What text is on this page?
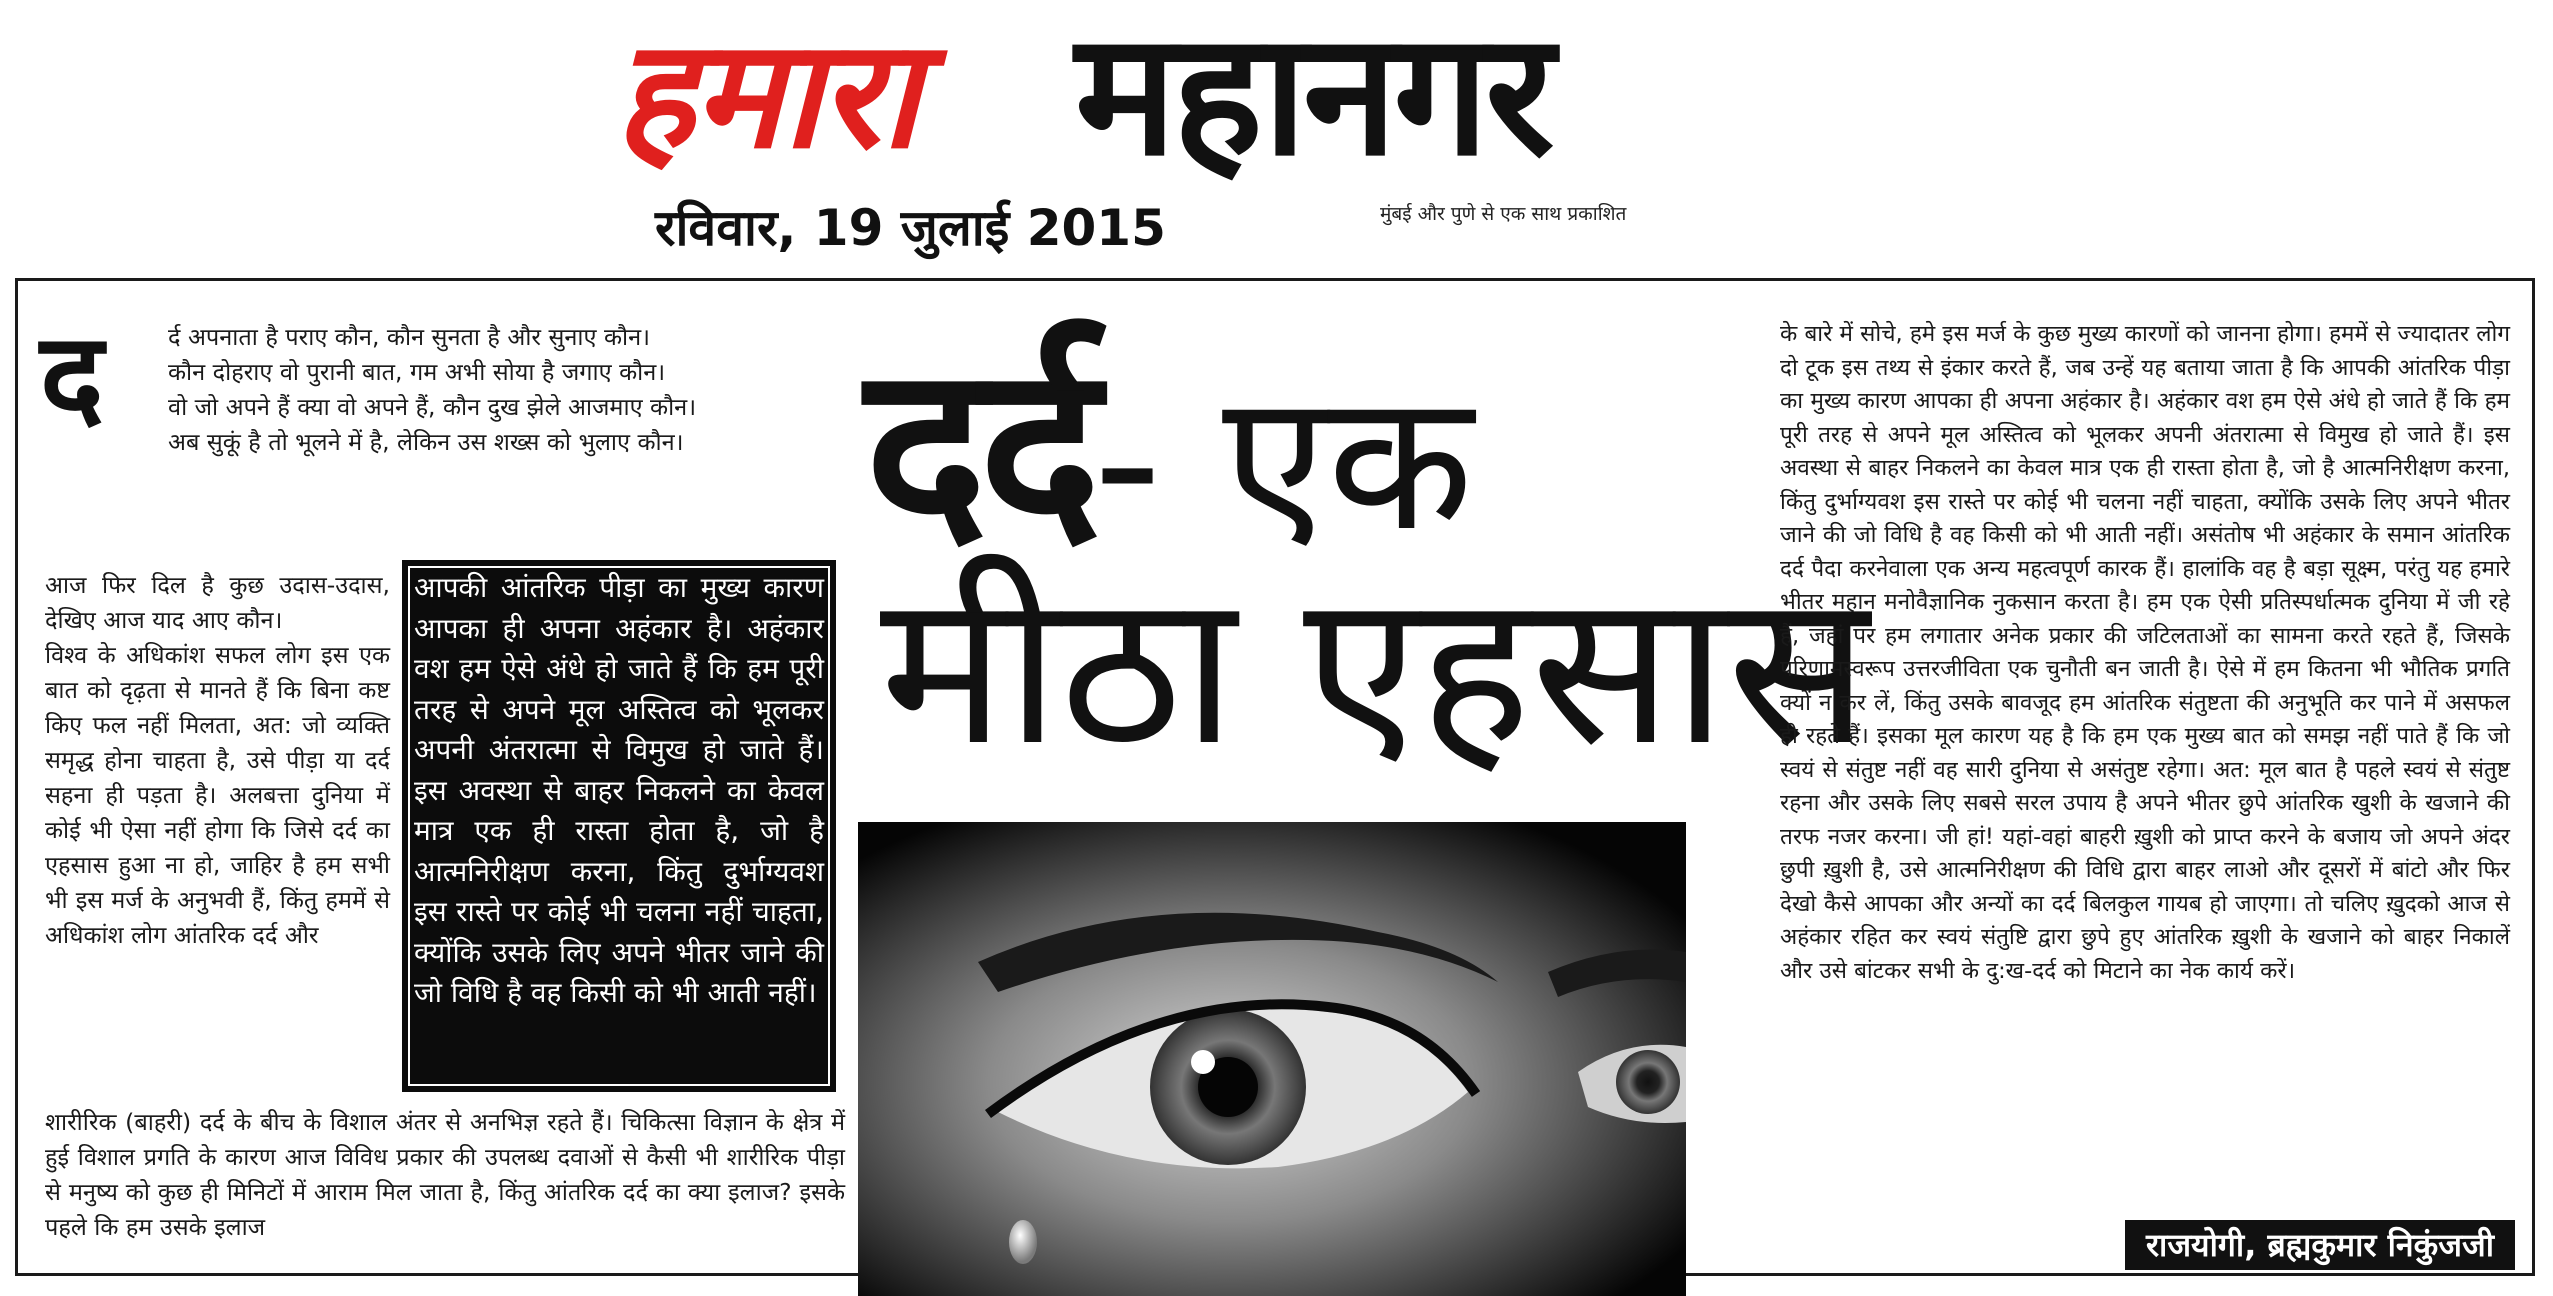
हमारा महानगर
रविवार, 19 जुलाई 2015	मुंबई और पुणे से एक साथ प्रकाशित
द	र्द अपनाता है पराए कौन, कौन सुनता है और सुनाए कौन।

कौन दोहराए वो पुरानी बात, गम अभी सोया है जगाए कौन।

वो जो अपने हैं क्या वो अपने हैं, कौन दुख झेले आजमाए कौन।

अब सुकूं है तो भूलने में है, लेकिन उस शख्स को भुलाए कौन।

आज फिर दिल है कुछ उदास-उदास, देखिए आज याद आए कौन।

विश्व के अधिकांश सफल लोग इस एक बात को दृढ़ता से मानते हैं कि बिना कष्ट किए फल नहीं मिलता, अत: जो व्यक्ति समृद्ध होना चाहता है, उसे पीड़ा या दर्द सहना ही पड़ता है। अलबत्ता दुनिया में कोई भी ऐसा नहीं होगा कि जिसे दर्द का एहसास हुआ ना हो, जाहिर है हम सभी भी इस मर्ज के अनुभवी हैं, किंतु हममें से अधिकांश लोग आंतरिक दर्द और

आपकी आंतरिक पीड़ा का मुख्य कारण आपका ही अपना अहंकार है। अहंकार वश हम ऐसे अंधे हो जाते हैं कि हम पूरी तरह से अपने मूल अस्तित्व को भूलकर अपनी अंतरात्मा से विमुख हो जाते हैं। इस अवस्था से बाहर निकलने का केवल मात्र एक ही रास्ता होता है, जो है आत्मनिरीक्षण करना, किंतु दुर्भाग्यवश इस रास्ते पर कोई भी चलना नहीं चाहता, क्योंकि उसके लिए अपने भीतर जाने की जो विधि है वह किसी को भी आती नहीं।
शारीरिक (बाहरी) दर्द के बीच के विशाल अंतर से अनभिज्ञ रहते हैं। चिकित्सा विज्ञान के क्षेत्र में हुई विशाल प्रगति के कारण आज विविध प्रकार की उपलब्ध दवाओं से कैसी भी शारीरिक पीड़ा से मनुष्य को कुछ ही मिनिटों में आराम मिल जाता है, किंतु आंतरिक दर्द का क्या इलाज? इसके पहले कि हम उसके इलाज
दर्द- एक
मीठा एहसास
के बारे में सोचे, हमे इस मर्ज के कुछ मुख्य कारणों को जानना होगा। हममें से ज्यादातर लोग दो टूक इस तथ्य से इंकार करते हैं, जब उन्हें यह बताया जाता है कि आपकी आंतरिक पीड़ा का मुख्य कारण आपका ही अपना अहंकार है। अहंकार वश हम ऐसे अंधे हो जाते हैं कि हम पूरी तरह से अपने मूल अस्तित्व को भूलकर अपनी अंतरात्मा से विमुख हो जाते हैं। इस अवस्था से बाहर निकलने का केवल मात्र एक ही रास्ता होता है, जो है आत्मनिरीक्षण करना, किंतु दुर्भाग्यवश इस रास्ते पर कोई भी चलना नहीं चाहता, क्योंकि उसके लिए अपने भीतर जाने की जो विधि है वह किसी को भी आती नहीं। असंतोष भी अहंकार के समान आंतरिक दर्द पैदा करनेवाला एक अन्य महत्वपूर्ण कारक हैं। हालांकि वह है बड़ा सूक्ष्म, परंतु यह हमारे भीतर महान मनोवैज्ञानिक नुकसान करता है। हम एक ऐसी प्रतिस्पर्धात्मक दुनिया में जी रहे हैं, जहां पर हम लगातार अनेक प्रकार की जटिलताओं का सामना करते रहते हैं, जिसके परिणामस्वरूप उत्तरजीविता एक चुनौती बन जाती है। ऐसे में हम कितना भी भौतिक प्रगति क्यों न कर लें, किंतु उसके बावजूद हम आंतरिक संतुष्टता की अनुभूति कर पाने में असफल ही रहते हैं। इसका मूल कारण यह है कि हम एक मुख्य बात को समझ नहीं पाते हैं कि जो स्वयं से संतुष्ट नहीं वह सारी दुनिया से असंतुष्ट रहेगा। अत: मूल बात है पहले स्वयं से संतुष्ट रहना और उसके लिए सबसे सरल उपाय है अपने भीतर छुपे आंतरिक खुशी के खजाने की तरफ नजर करना। जी हां! यहां-वहां बाहरी ख़ुशी को प्राप्त करने के बजाय जो अपने अंदर छुपी ख़ुशी है, उसे आत्मनिरीक्षण की विधि द्वारा बाहर लाओ और दूसरों में बांटो और फिर देखो कैसे आपका और अन्यों का दर्द बिलकुल गायब हो जाएगा। तो चलिए ख़ुदको आज से अहंकार रहित कर स्वयं संतुष्टि द्वारा छुपे हुए आंतरिक ख़ुशी के खजाने को बाहर निकालें और उसे बांटकर सभी के दु:ख-दर्द को मिटाने का नेक कार्य करें।
राजयोगी, ब्रह्मकुमार निकुंजजी
